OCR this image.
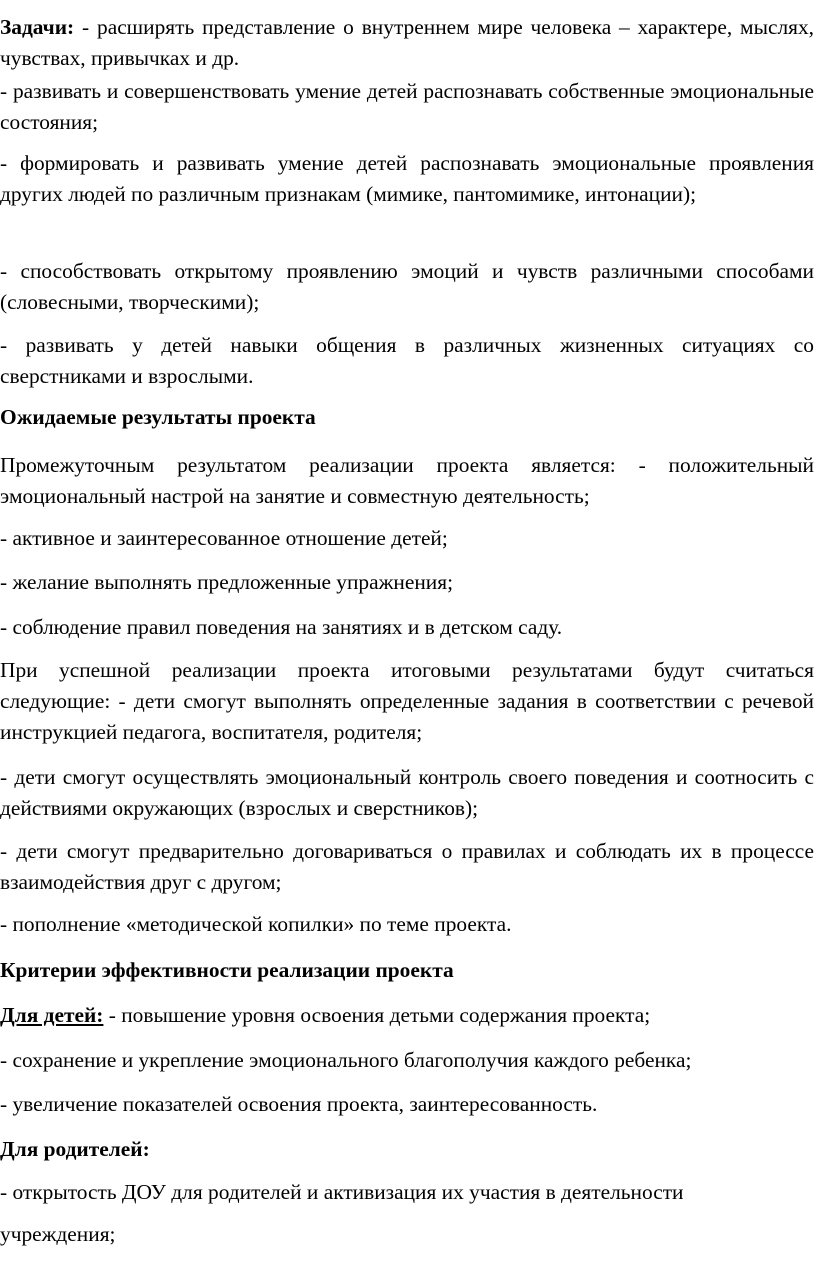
Задачи: - расширять представление о внутреннем мире человека – характере, мыслях, чувствах, привычках и др.

- развивать и совершенствовать умение детей распознавать собственные эмоциональные состояния;

- формировать и развивать умение детей распознавать эмоциональные проявления других людей по различным признакам (мимике, пантомимике, интонации);

- способствовать открытому проявлению эмоций и чувств различными способами (словесными, творческими);

- развивать у детей навыки общения в различных жизненных ситуациях со сверстниками и взрослыми.

Ожидаемые результаты проекта

Промежуточным результатом реализации проекта является: - положительный эмоциональный настрой на занятие и совместную деятельность;

- активное и заинтересованное отношение детей;

- желание выполнять предложенные упражнения;

- соблюдение правил поведения на занятиях и в детском саду.

При успешной реализации проекта итоговыми результатами будут считаться следующие: - дети смогут выполнять определенные задания в соответствии с речевой инструкцией педагога, воспитателя, родителя;

- дети смогут осуществлять эмоциональный контроль своего поведения и соотносить с действиями окружающих (взрослых и сверстников);

- дети смогут предварительно договариваться о правилах и соблюдать их в процессе взаимодействия друг с другом;

- пополнение «методической копилки» по теме проекта.

Критерии эффективности реализации проекта

Для детей: - повышение уровня освоения детьми содержания проекта;

- сохранение и укрепление эмоционального благополучия каждого ребенка;

- увеличение показателей освоения проекта, заинтересованность.

Для родителей:

- открытость ДОУ для родителей и активизация их участия в деятельности

учреждения;
